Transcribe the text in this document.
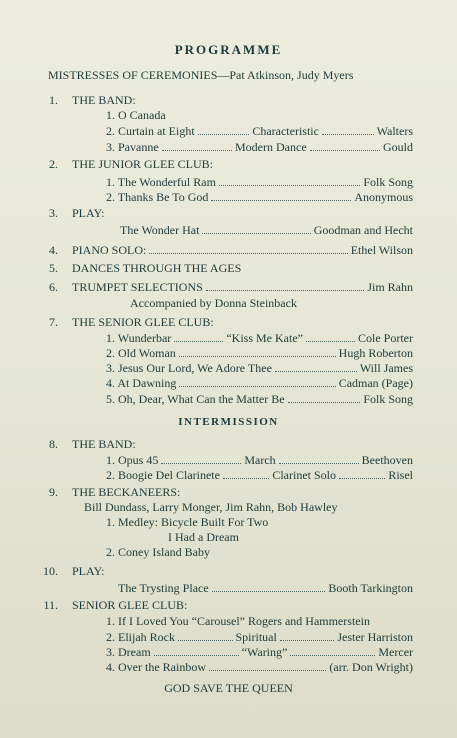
PROGRAMME
MISTRESSES OF CEREMONIES—Pat Atkinson, Judy Myers
1. THE BAND:
1. O Canada
2. Curtain at Eight	Characteristic	Walters
3. Pavanne	Modern Dance	Gould
2. THE JUNIOR GLEE CLUB:
1. The Wonderful Ram	Folk Song
2. Thanks Be To God	Anonymous
3. PLAY:
The Wonder Hat	Goodman and Hecht
4. PIANO SOLO:	Ethel Wilson
5. DANCES THROUGH THE AGES
6. TRUMPET SELECTIONS	Jim Rahn
Accompanied by Donna Steinback
7. THE SENIOR GLEE CLUB:
1. Wunderbar	“Kiss Me Kate”	Cole Porter
2. Old Woman	Hugh Roberton
3. Jesus Our Lord, We Adore Thee	Will James
4. At Dawning	Cadman (Page)
5. Oh, Dear, What Can the Matter Be	Folk Song
INTERMISSION
8. THE BAND:
1. Opus 45	March	Beethoven
2. Boogie Del Clarinete	Clarinet Solo	Risel
9. THE BECKANEERS:
Bill Dundass, Larry Monger, Jim Rahn, Bob Hawley
1. Medley: Bicycle Built For Two
I Had a Dream
2. Coney Island Baby
10. PLAY:
The Trysting Place	Booth Tarkington
11. SENIOR GLEE CLUB:
1. If I Loved You “Carousel” Rogers and Hammerstein
2. Elijah Rock	Spiritual	Jester Harriston
3. Dream	“Waring”	Mercer
4. Over the Rainbow	(arr. Don Wright)
GOD SAVE THE QUEEN
